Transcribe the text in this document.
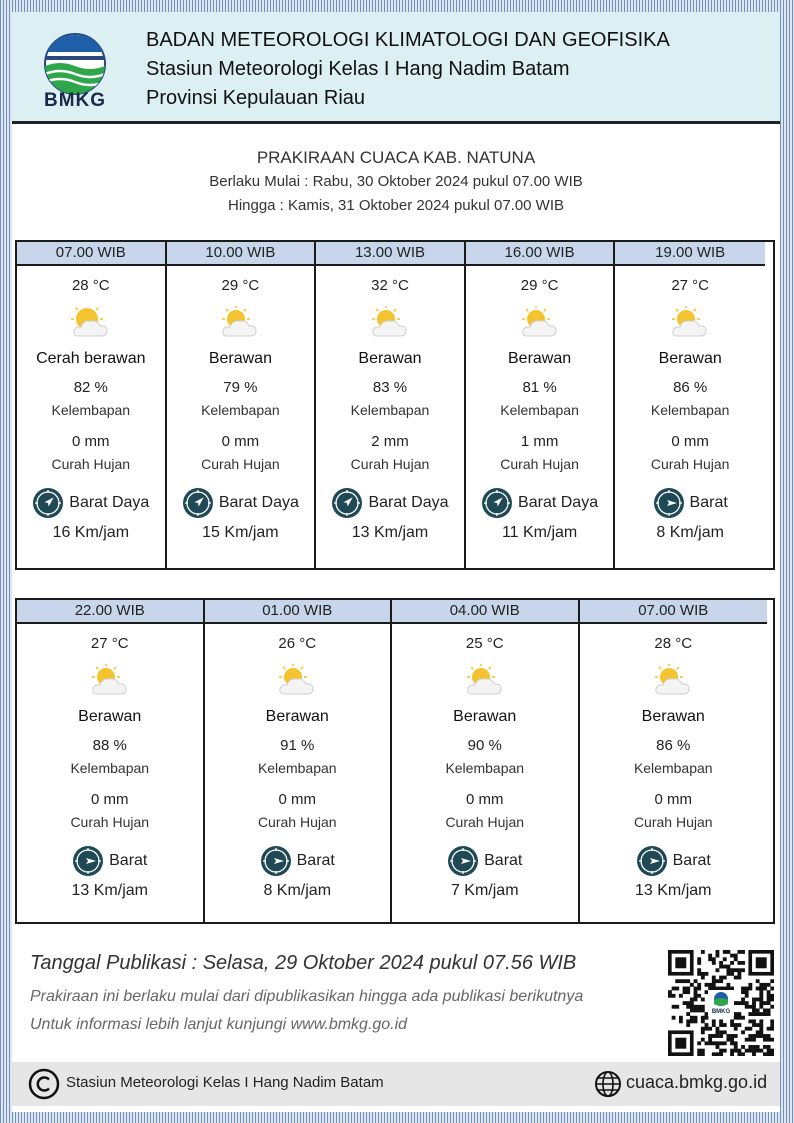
BMKG
BADAN METEOROLOGI KLIMATOLOGI DAN GEOFISIKA
Stasiun Meteorologi Kelas I Hang Nadim Batam
Provinsi Kepulauan Riau
PRAKIRAAN CUACA KAB. NATUNA
Berlaku Mulai : Rabu, 30 Oktober 2024 pukul 07.00 WIB
Hingga : Kamis, 31 Oktober 2024 pukul 07.00 WIB
07.00 WIB
28 °C
Cerah berawan
82 %
Kelembapan
0 mm
Curah Hujan
Barat Daya
16 Km/jam
10.00 WIB
29 °C
Berawan
79 %
Kelembapan
0 mm
Curah Hujan
Barat Daya
15 Km/jam
13.00 WIB
32 °C
Berawan
83 %
Kelembapan
2 mm
Curah Hujan
Barat Daya
13 Km/jam
16.00 WIB
29 °C
Berawan
81 %
Kelembapan
1 mm
Curah Hujan
Barat Daya
11 Km/jam
19.00 WIB
27 °C
Berawan
86 %
Kelembapan
0 mm
Curah Hujan
Barat
8 Km/jam
22.00 WIB
27 °C
Berawan
88 %
Kelembapan
0 mm
Curah Hujan
Barat
13 Km/jam
01.00 WIB
26 °C
Berawan
91 %
Kelembapan
0 mm
Curah Hujan
Barat
8 Km/jam
04.00 WIB
25 °C
Berawan
90 %
Kelembapan
0 mm
Curah Hujan
Barat
7 Km/jam
07.00 WIB
28 °C
Berawan
86 %
Kelembapan
0 mm
Curah Hujan
Barat
13 Km/jam
Tanggal Publikasi : Selasa, 29 Oktober 2024 pukul 07.56 WIB
Prakiraan ini berlaku mulai dari dipublikasikan hingga ada publikasi berikutnya
Untuk informasi lebih lanjut kunjungi www.bmkg.go.id
BMKG
Stasiun Meteorologi Kelas I Hang Nadim Batam	cuaca.bmkg.go.id
